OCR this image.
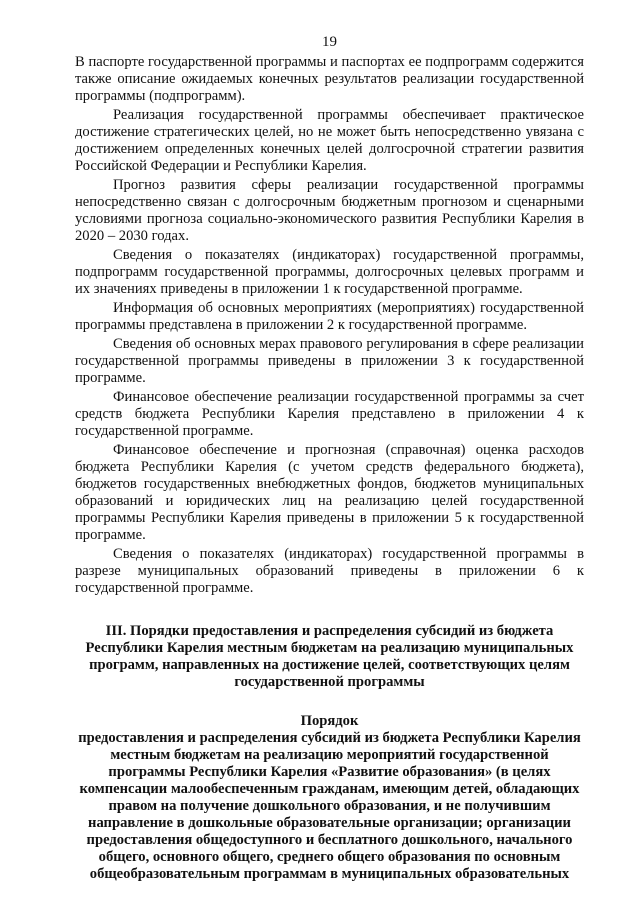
19

В паспорте государственной программы и паспортах ее подпрограмм содержится также описание ожидаемых конечных результатов реализации государственной программы (подпрограмм).

Реализация государственной программы обеспечивает практическое достижение стратегических целей, но не может быть непосредственно увязана с достижением определенных конечных целей долгосрочной стратегии развития Российской Федерации и Республики Карелия.

Прогноз развития сферы реализации государственной программы непосредственно связан с долгосрочным бюджетным прогнозом и сценарными условиями прогноза социально-экономического развития Республики Карелия в 2020 – 2030 годах.

Сведения о показателях (индикаторах) государственной программы, подпрограмм государственной программы, долгосрочных целевых программ и их значениях приведены в приложении 1 к государственной программе.

Информация об основных мероприятиях (мероприятиях) государственной программы представлена в приложении 2 к государственной программе.

Сведения об основных мерах правового регулирования в сфере реализации государственной программы приведены в приложении 3 к государственной программе.

Финансовое обеспечение реализации государственной программы за счет средств бюджета Республики Карелия представлено в приложении 4 к государственной программе.

Финансовое обеспечение и прогнозная (справочная) оценка расходов бюджета Республики Карелия (с учетом средств федерального бюджета), бюджетов государственных внебюджетных фондов, бюджетов муниципальных образований и юридических лиц на реализацию целей государственной программы Республики Карелия приведены в приложении 5 к государственной программе.

Сведения о показателях (индикаторах) государственной программы в разрезе муниципальных образований приведены в приложении 6 к государственной программе.

III. Порядки предоставления и распределения субсидий из бюджета Республики Карелия местным бюджетам на реализацию муниципальных программ, направленных на достижение целей, соответствующих целям государственной программы
Порядок
предоставления и распределения субсидий из бюджета Республики Карелия местным бюджетам на реализацию мероприятий государственной программы Республики Карелия «Развитие образования» (в целях компенсации малообеспеченным гражданам, имеющим детей, обладающих правом на получение дошкольного образования, и не получившим направление в дошкольные образовательные организации; организации предоставления общедоступного и бесплатного дошкольного, начального общего, основного общего, среднего общего образования по основным общеобразовательным программам в муниципальных образовательных
